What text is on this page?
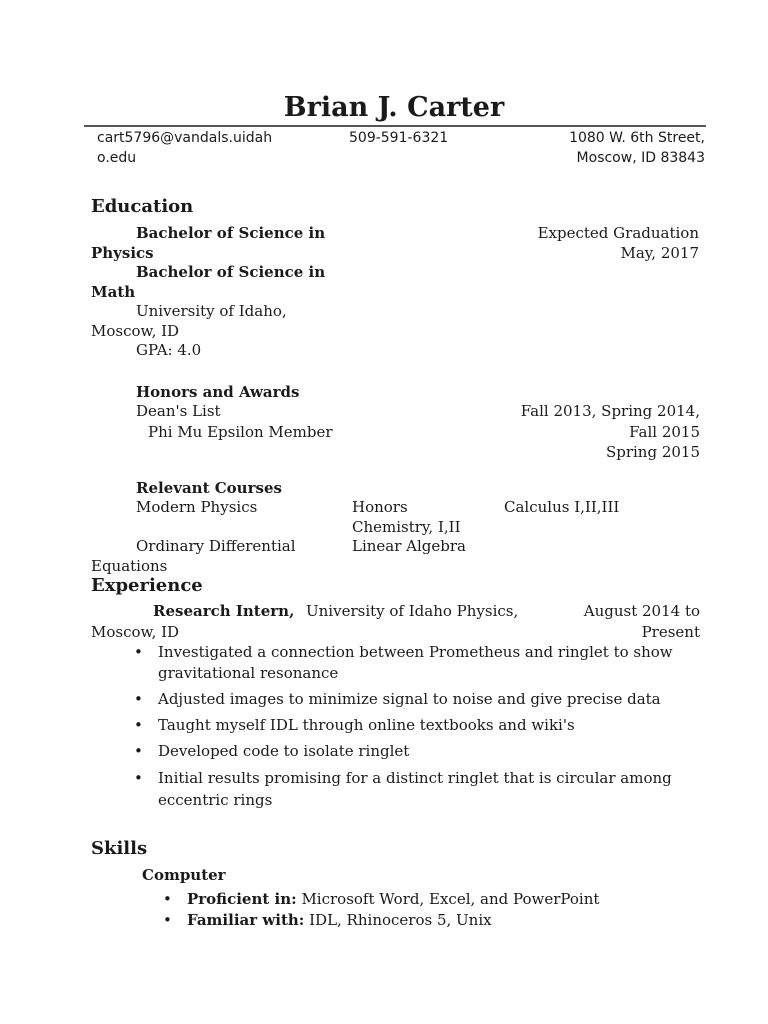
Brian J. Carter
cart5796@vandals.uidah
o.edu
509-591-6321	1080 W. 6th Street,
Moscow, ID 83843
Education
Bachelor of Science in
Physics
Bachelor of Science in
Math
Expected Graduation
May, 2017
University of Idaho,
Moscow, ID
GPA: 4.0
Honors and Awards
Dean's List
Phi Mu Epsilon Member
Fall 2013, Spring 2014,
Fall 2015
Spring 2015
Relevant Courses
Modern Physics	Honors
Chemistry, I,II
Calculus I,II,III
Ordinary Differential
Equations
Linear Algebra
Experience
Research Intern, University of Idaho Physics,
Moscow, ID
August 2014 to
Present
• Investigated a connection between Prometheus and ringlet to show gravitational resonance
• Adjusted images to minimize signal to noise and give precise data
• Taught myself IDL through online textbooks and wiki's
• Developed code to isolate ringlet
• Initial results promising for a distinct ringlet that is circular among eccentric rings
Skills
Computer
• Proficient in: Microsoft Word, Excel, and PowerPoint
• Familiar with: IDL, Rhinoceros 5, Unix
